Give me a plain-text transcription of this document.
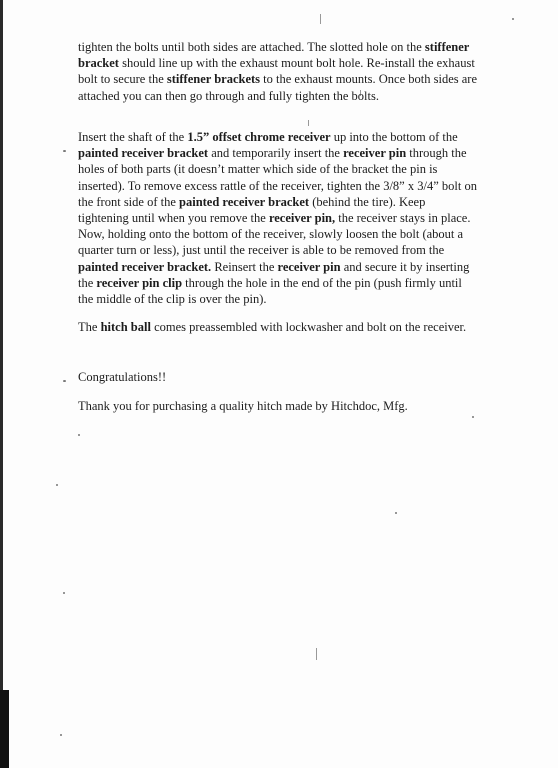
tighten the bolts until both sides are attached. The slotted hole on the stiffener bracket should line up with the exhaust mount bolt hole. Re-install the exhaust bolt to secure the stiffener brackets to the exhaust mounts. Once both sides are attached you can then go through and fully tighten the bolts.

Insert the shaft of the 1.5” offset chrome receiver up into the bottom of the painted receiver bracket and temporarily insert the receiver pin through the holes of both parts (it doesn’t matter which side of the bracket the pin is inserted). To remove excess rattle of the receiver, tighten the 3/8” x 3/4” bolt on the front side of the painted receiver bracket (behind the tire). Keep tightening until when you remove the receiver pin, the receiver stays in place. Now, holding onto the bottom of the receiver, slowly loosen the bolt (about a quarter turn or less), just until the receiver is able to be removed from the painted receiver bracket. Reinsert the receiver pin and secure it by inserting the receiver pin clip through the hole in the end of the pin (push firmly until the middle of the clip is over the pin).

The hitch ball comes preassembled with lockwasher and bolt on the receiver.

Congratulations!!

Thank you for purchasing a quality hitch made by Hitchdoc, Mfg.
